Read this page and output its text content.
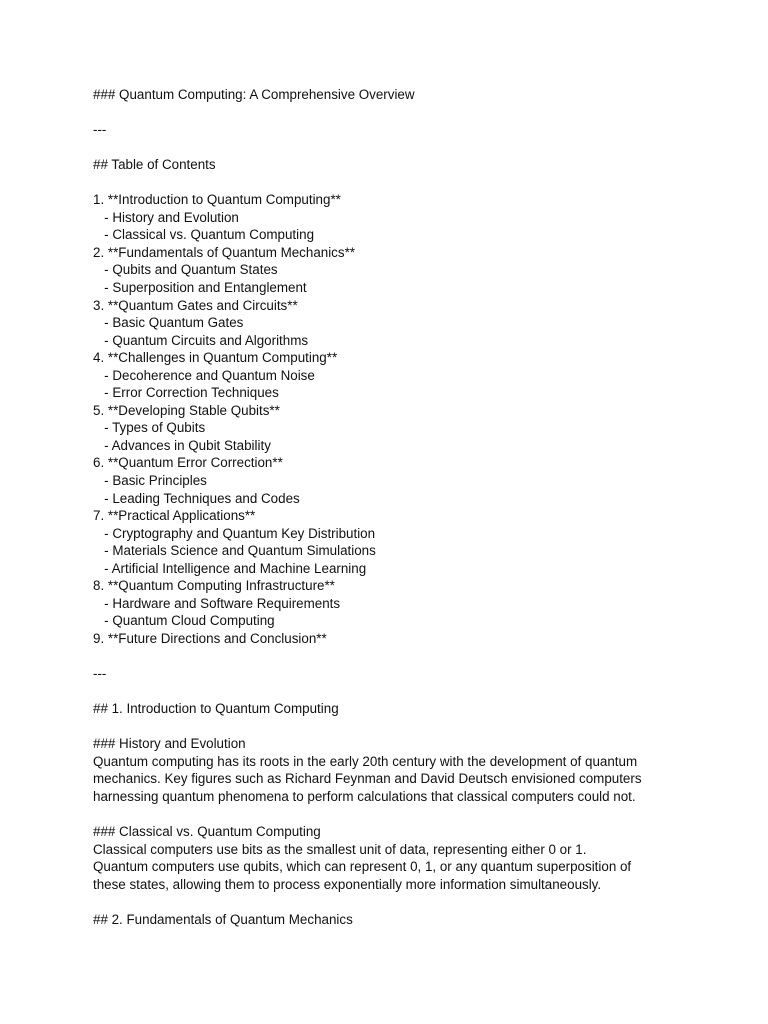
### Quantum Computing: A Comprehensive Overview
---
## Table of Contents
1. **Introduction to Quantum Computing**
- History and Evolution
- Classical vs. Quantum Computing
2. **Fundamentals of Quantum Mechanics**
- Qubits and Quantum States
- Superposition and Entanglement
3. **Quantum Gates and Circuits**
- Basic Quantum Gates
- Quantum Circuits and Algorithms
4. **Challenges in Quantum Computing**
- Decoherence and Quantum Noise
- Error Correction Techniques
5. **Developing Stable Qubits**
- Types of Qubits
- Advances in Qubit Stability
6. **Quantum Error Correction**
- Basic Principles
- Leading Techniques and Codes
7. **Practical Applications**
- Cryptography and Quantum Key Distribution
- Materials Science and Quantum Simulations
- Artificial Intelligence and Machine Learning
8. **Quantum Computing Infrastructure**
- Hardware and Software Requirements
- Quantum Cloud Computing
9. **Future Directions and Conclusion**
---
## 1. Introduction to Quantum Computing
### History and Evolution
Quantum computing has its roots in the early 20th century with the development of quantum
mechanics. Key figures such as Richard Feynman and David Deutsch envisioned computers
harnessing quantum phenomena to perform calculations that classical computers could not.
### Classical vs. Quantum Computing
Classical computers use bits as the smallest unit of data, representing either 0 or 1.
Quantum computers use qubits, which can represent 0, 1, or any quantum superposition of
these states, allowing them to process exponentially more information simultaneously.
## 2. Fundamentals of Quantum Mechanics
